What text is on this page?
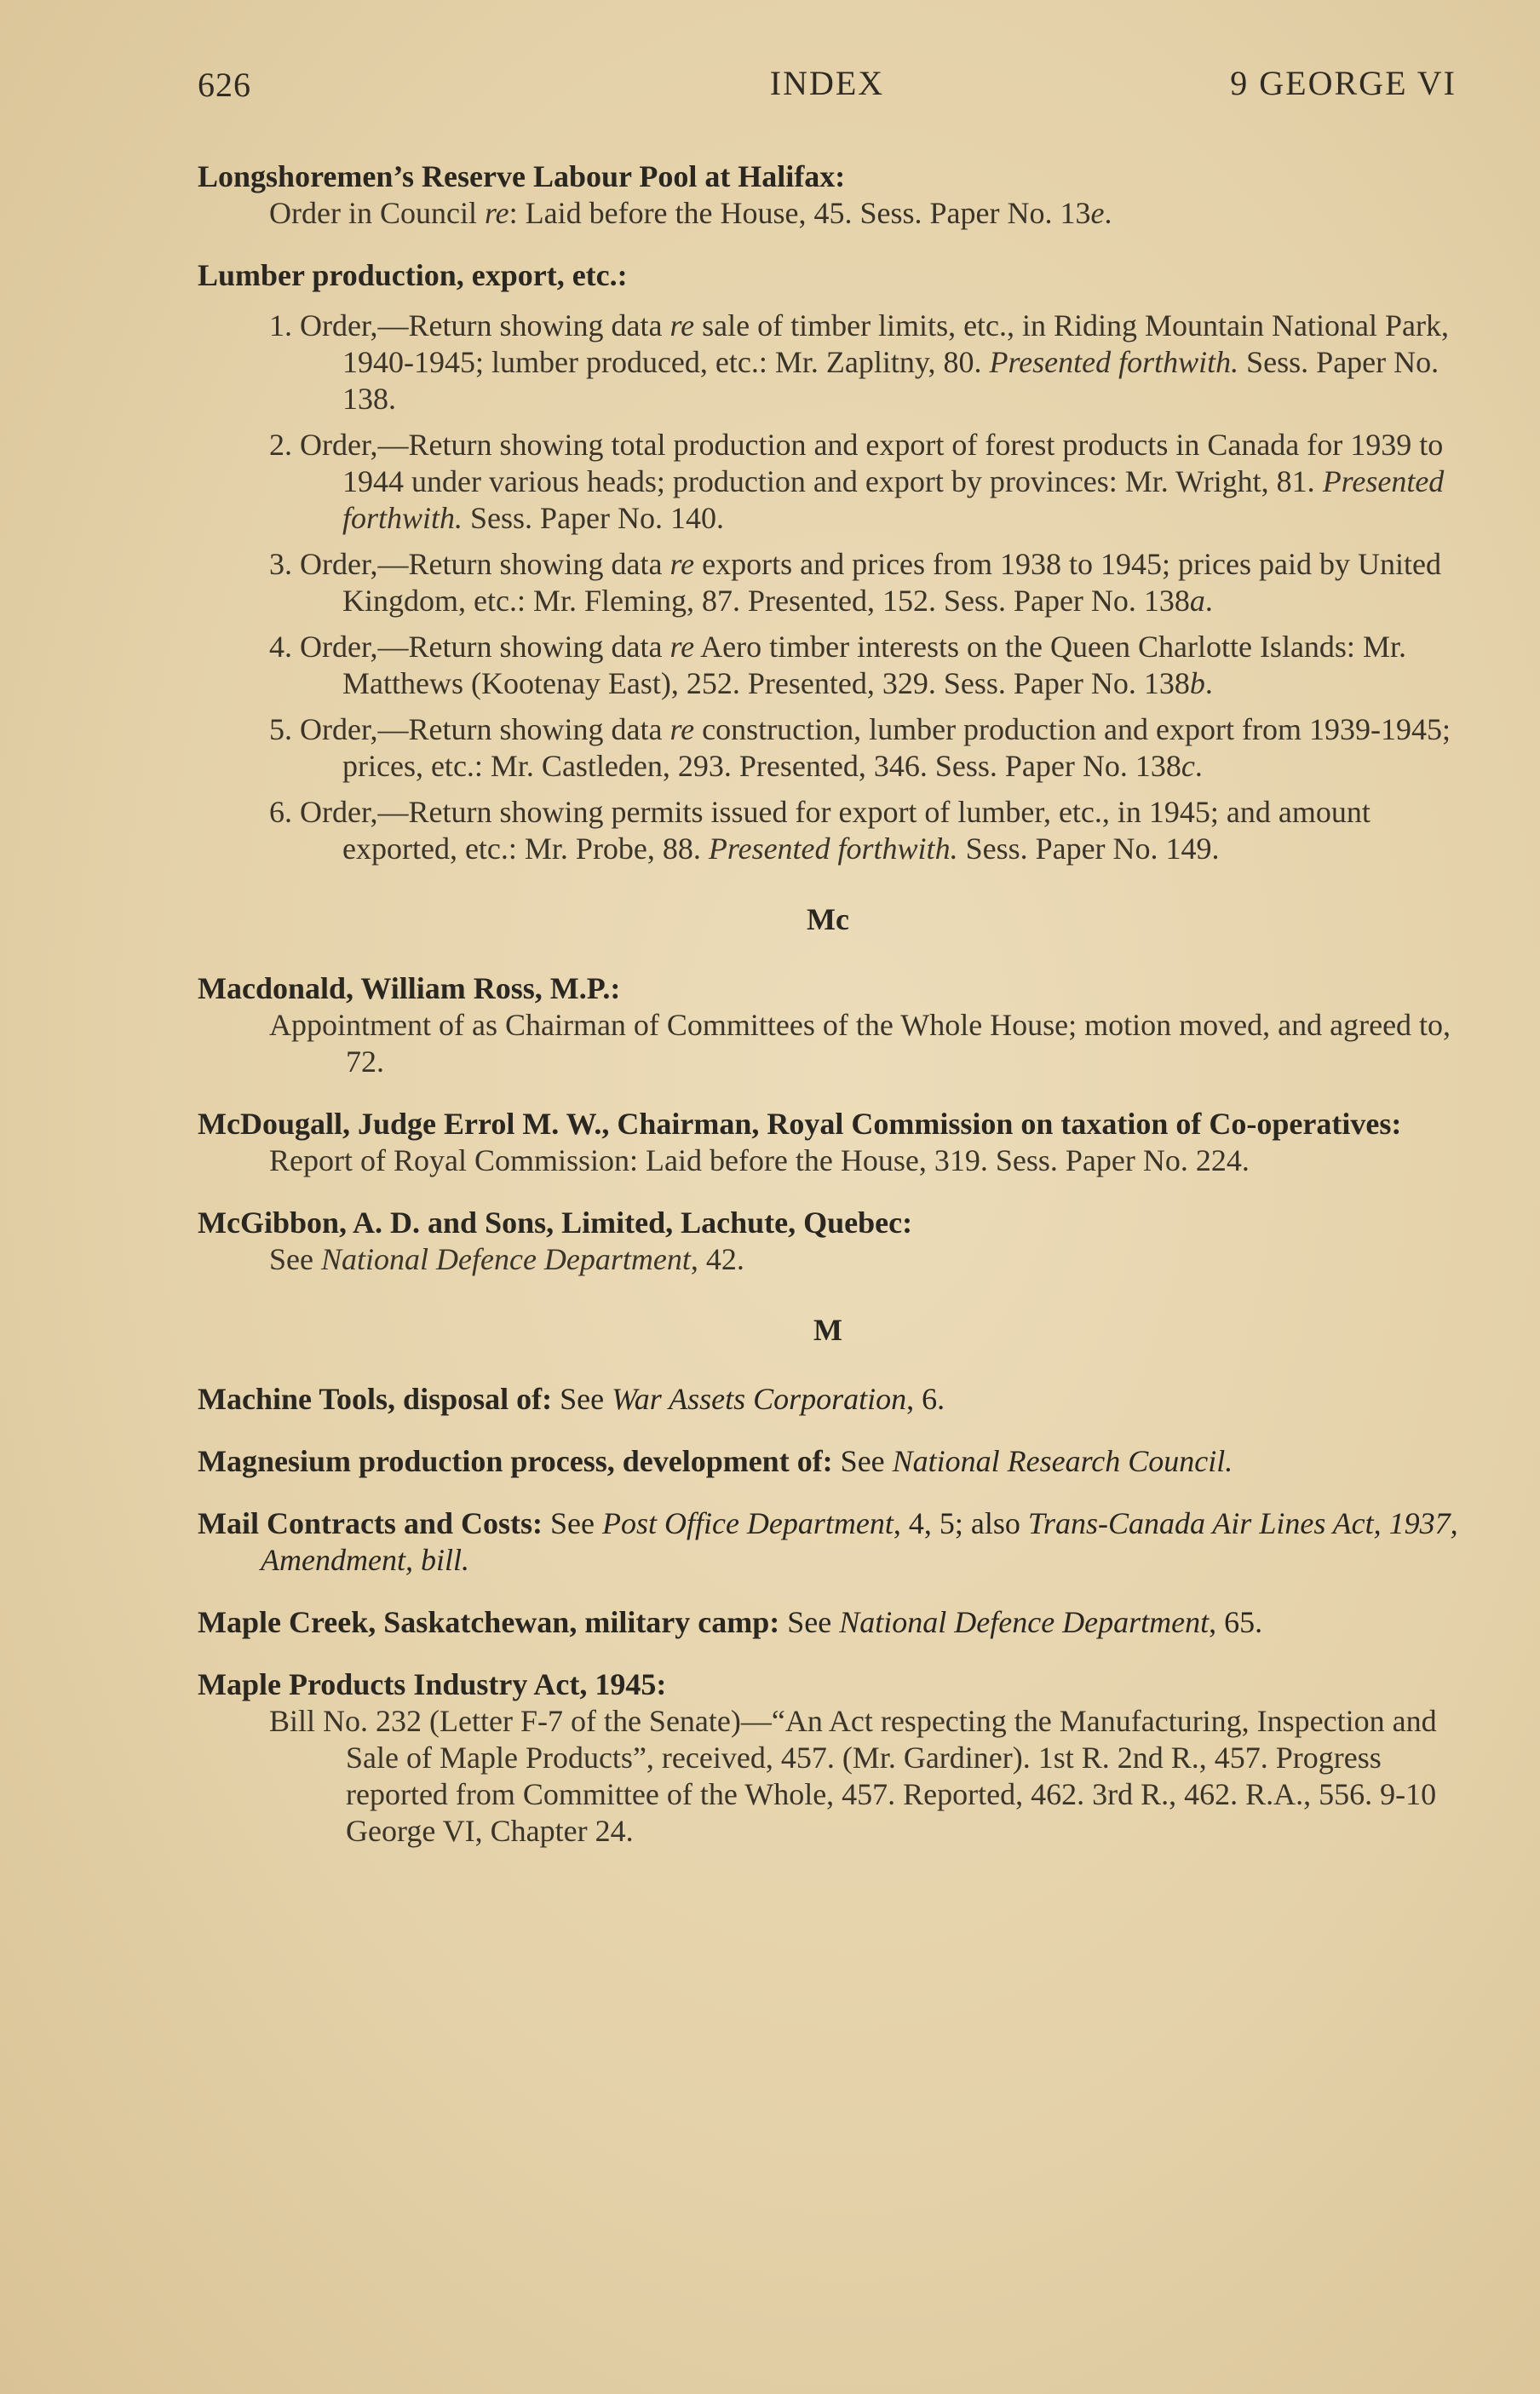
626	INDEX	9 GEORGE VI
Longshoremen’s Reserve Labour Pool at Halifax:
Order in Council re: Laid before the House, 45. Sess. Paper No. 13e.
Lumber production, export, etc.:
1. Order,—Return showing data re sale of timber limits, etc., in Riding Mountain National Park, 1940-1945; lumber produced, etc.: Mr. Zaplitny, 80. Presented forthwith. Sess. Paper No. 138.
2. Order,—Return showing total production and export of forest products in Canada for 1939 to 1944 under various heads; production and export by provinces: Mr. Wright, 81. Presented forthwith. Sess. Paper No. 140.
3. Order,—Return showing data re exports and prices from 1938 to 1945; prices paid by United Kingdom, etc.: Mr. Fleming, 87. Presented, 152. Sess. Paper No. 138a.
4. Order,—Return showing data re Aero timber interests on the Queen Charlotte Islands: Mr. Matthews (Kootenay East), 252. Presented, 329. Sess. Paper No. 138b.
5. Order,—Return showing data re construction, lumber production and export from 1939-1945; prices, etc.: Mr. Castleden, 293. Presented, 346. Sess. Paper No. 138c.
6. Order,—Return showing permits issued for export of lumber, etc., in 1945; and amount exported, etc.: Mr. Probe, 88. Presented forthwith. Sess. Paper No. 149.
Mc
Macdonald, William Ross, M.P.:
Appointment of as Chairman of Committees of the Whole House; motion moved, and agreed to, 72.
McDougall, Judge Errol M. W., Chairman, Royal Commission on taxation of Co-operatives:
Report of Royal Commission: Laid before the House, 319. Sess. Paper No. 224.
McGibbon, A. D. and Sons, Limited, Lachute, Quebec:
See National Defence Department, 42.
M
Machine Tools, disposal of: See War Assets Corporation, 6.
Magnesium production process, development of: See National Research Council.
Mail Contracts and Costs: See Post Office Department, 4, 5; also Trans-Canada Air Lines Act, 1937, Amendment, bill.
Maple Creek, Saskatchewan, military camp: See National Defence Department, 65.
Maple Products Industry Act, 1945:
Bill No. 232 (Letter F-7 of the Senate)—“An Act respecting the Manufacturing, Inspection and Sale of Maple Products”, received, 457. (Mr. Gardiner). 1st R. 2nd R., 457. Progress reported from Committee of the Whole, 457. Reported, 462. 3rd R., 462. R.A., 556. 9-10 George VI, Chapter 24.
